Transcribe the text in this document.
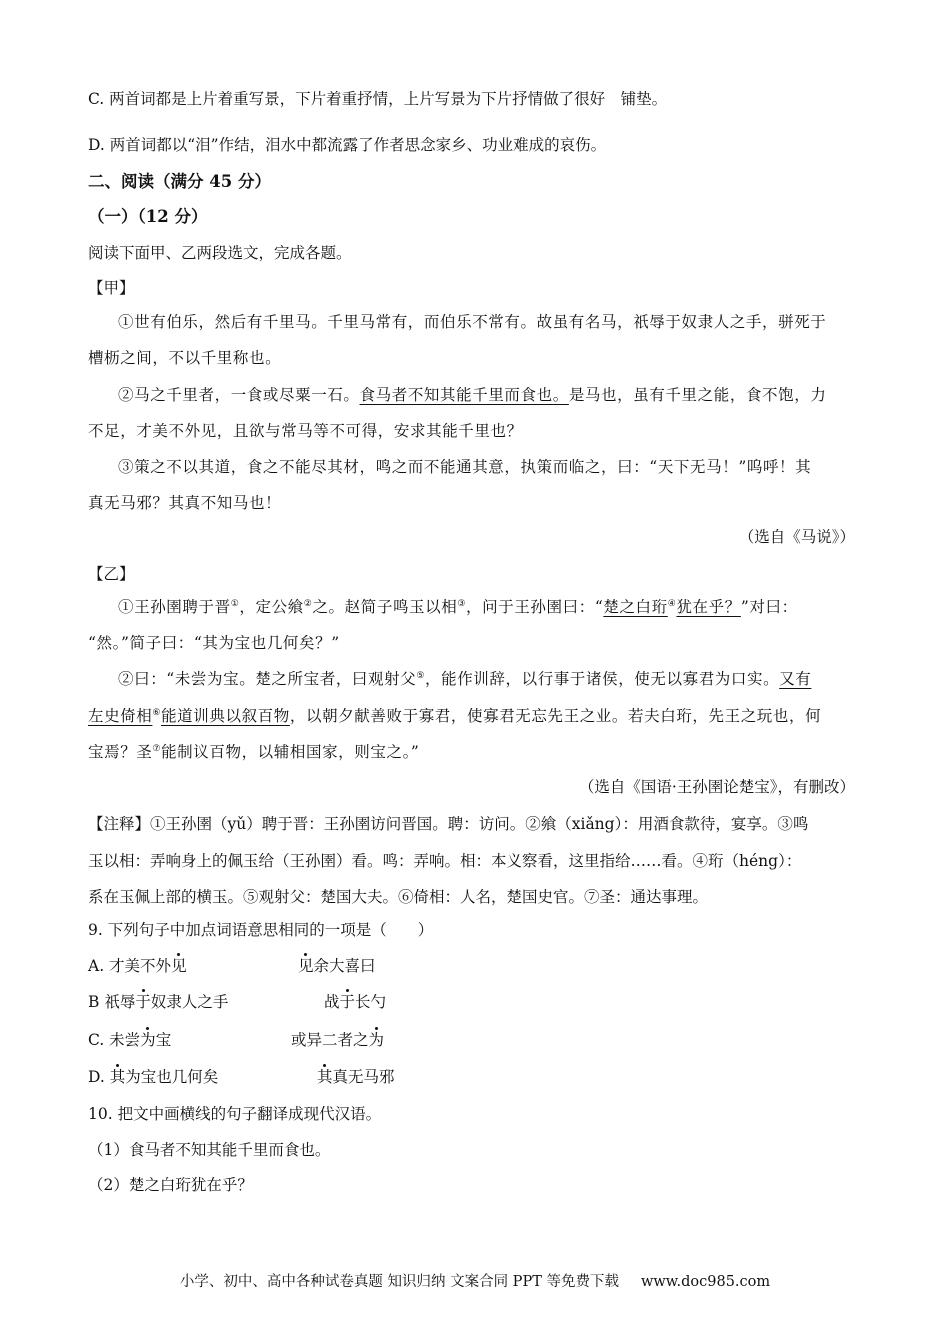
C. 两首词都是上片着重写景，下片着重抒情，上片写景为下片抒情做了很好　铺垫。
D. 两首词都以“泪”作结，泪水中都流露了作者思念家乡、功业难成的哀伤。
二、阅读（满分 45 分）
（一）（12 分）
阅读下面甲、乙两段选文，完成各题。
【甲】
①世有伯乐，然后有千里马。千里马常有，而伯乐不常有。故虽有名马，祇辱于奴隶人之手，骈死于
槽枥之间，不以千里称也。
②马之千里者，一食或尽粟一石。食马者不知其能千里而食也。是马也，虽有千里之能，食不饱，力
不足，才美不外见，且欲与常马等不可得，安求其能千里也？
③策之不以其道，食之不能尽其材，鸣之而不能通其意，执策而临之，曰：“天下无马！”呜呼！其
真无马邪？其真不知马也！
（选自《马说》）
【乙】
①王孙圉聘于晋①，定公飨②之。赵简子鸣玉以相③，问于王孙圉曰：“楚之白珩④犹在乎？”对曰：
“然。”简子曰：“其为宝也几何矣？”
②曰：“未尝为宝。楚之所宝者，曰观射父⑤，能作训辞，以行事于诸侯，使无以寡君为口实。又有
左史倚相⑥能道训典以叙百物，以朝夕献善败于寡君，使寡君无忘先王之业。若夫白珩，先王之玩也，何
宝焉？圣⑦能制议百物，以辅相国家，则宝之。”
（选自《国语·王孙圉论楚宝》，有删改）
【注释】①王孙圉（yǔ）聘于晋：王孙圉访问晋国。聘：访问。②飨（xiǎng）：用酒食款待，宴享。③鸣
玉以相：弄响身上的佩玉给（王孙圉）看。鸣：弄响。相：本义察看，这里指给……看。④珩（héng）：
系在玉佩上部的横玉。⑤观射父：楚国大夫。⑥倚相：人名，楚国史官。⑦圣：通达事理。
9. 下列句子中加点词语意思相同的一项是（　　）
A. 才美不外见	见余大喜曰
B 祇辱于奴隶人之手	战于长勺
C. 未尝为宝	或异二者之为
D. 其为宝也几何矣	其真无马邪
10. 把文中画横线的句子翻译成现代汉语。
（1）食马者不知其能千里而食也。
（2）楚之白珩犹在乎？
小学、初中、高中各种试卷真题 知识归纳 文案合同 PPT 等免费下载 www.doc985.com
